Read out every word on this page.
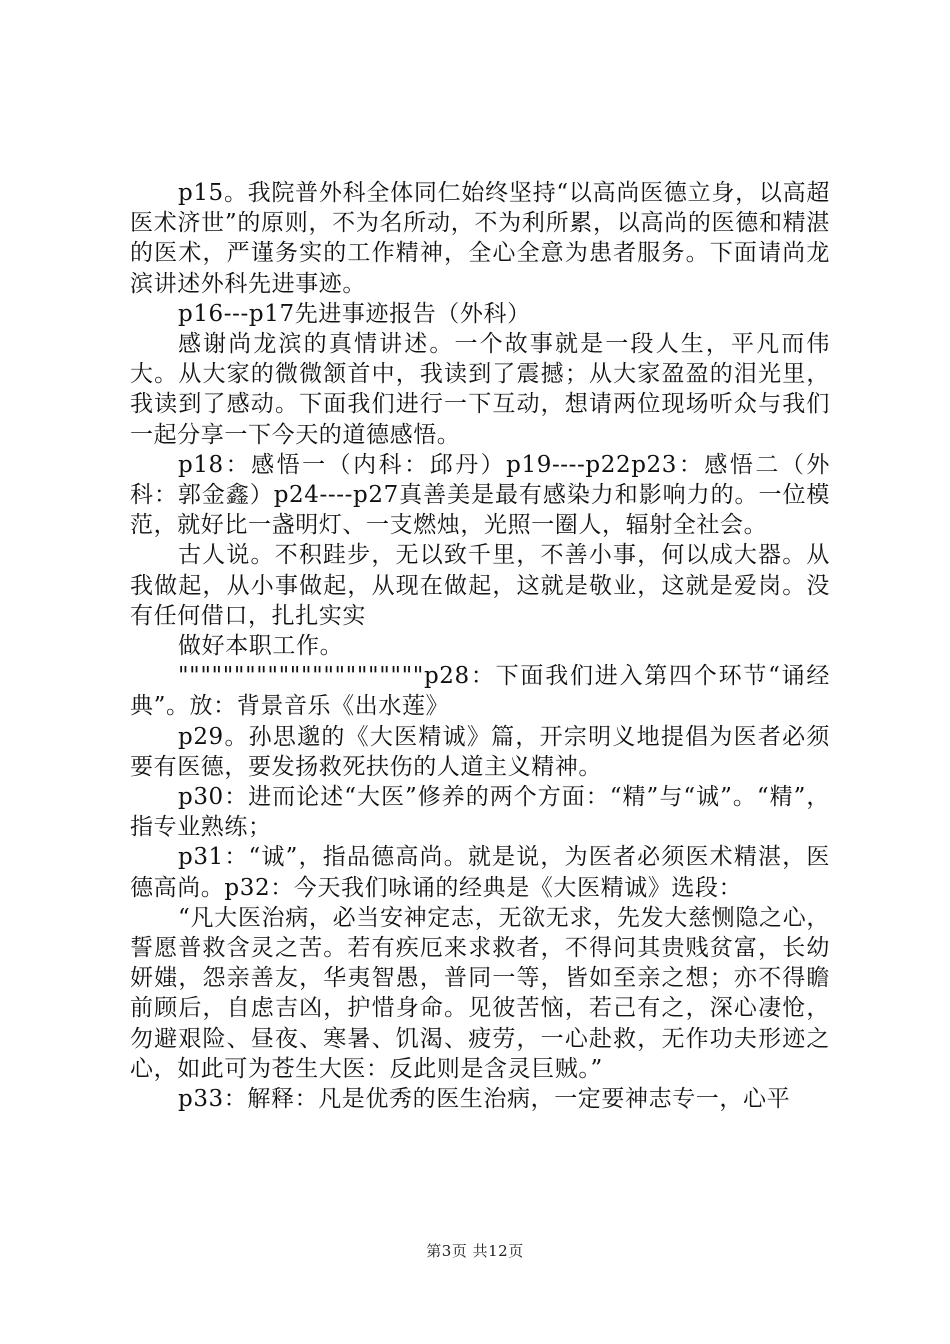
p15。我院普外科全体同仁始终坚持“以高尚医德立身，以高超医术济世”的原则，不为名所动，不为利所累，以高尚的医德和精湛的医术，严谨务实的工作精神，全心全意为患者服务。下面请尚龙滨讲述外科先进事迹。

p16---p17先进事迹报告（外科）

感谢尚龙滨的真情讲述。一个故事就是一段人生，平凡而伟大。从大家的微微颔首中，我读到了震撼；从大家盈盈的泪光里，我读到了感动。下面我们进行一下互动，想请两位现场听众与我们一起分享一下今天的道德感悟。

p18：感悟一（内科：邱丹）p19----p22p23：感悟二（外科：郭金鑫）p24----p27真善美是最有感染力和影响力的。一位模范，就好比一盏明灯、一支燃烛，光照一圈人，辐射全社会。

古人说。不积跬步，无以致千里，不善小事，何以成大器。从我做起，从小事做起，从现在做起，这就是敬业，这就是爱岗。没有任何借口，扎扎实实

做好本职工作。

""""""""""""""""""""""p28：下面我们进入第四个环节“诵经典”。放：背景音乐《出水莲》

p29。孙思邈的《大医精诚》篇，开宗明义地提倡为医者必须要有医德，要发扬救死扶伤的人道主义精神。

p30：进而论述“大医”修养的两个方面：“精”与“诚”。“精”，指专业熟练；

p31：“诚”，指品德高尚。就是说，为医者必须医术精湛，医德高尚。p32：今天我们咏诵的经典是《大医精诚》选段：

“凡大医治病，必当安神定志，无欲无求，先发大慈恻隐之心，誓愿普救含灵之苦。若有疾厄来求救者，不得问其贵贱贫富，长幼妍媸，怨亲善友，华夷智愚，普同一等，皆如至亲之想；亦不得瞻前顾后，自虑吉凶，护惜身命。见彼苦恼，若己有之，深心凄怆，勿避艰险、昼夜、寒暑、饥渴、疲劳，一心赴救，无作功夫形迹之心，如此可为苍生大医：反此则是含灵巨贼。”

p33：解释：凡是优秀的医生治病，一定要神志专一，心平

第3页 共12页
